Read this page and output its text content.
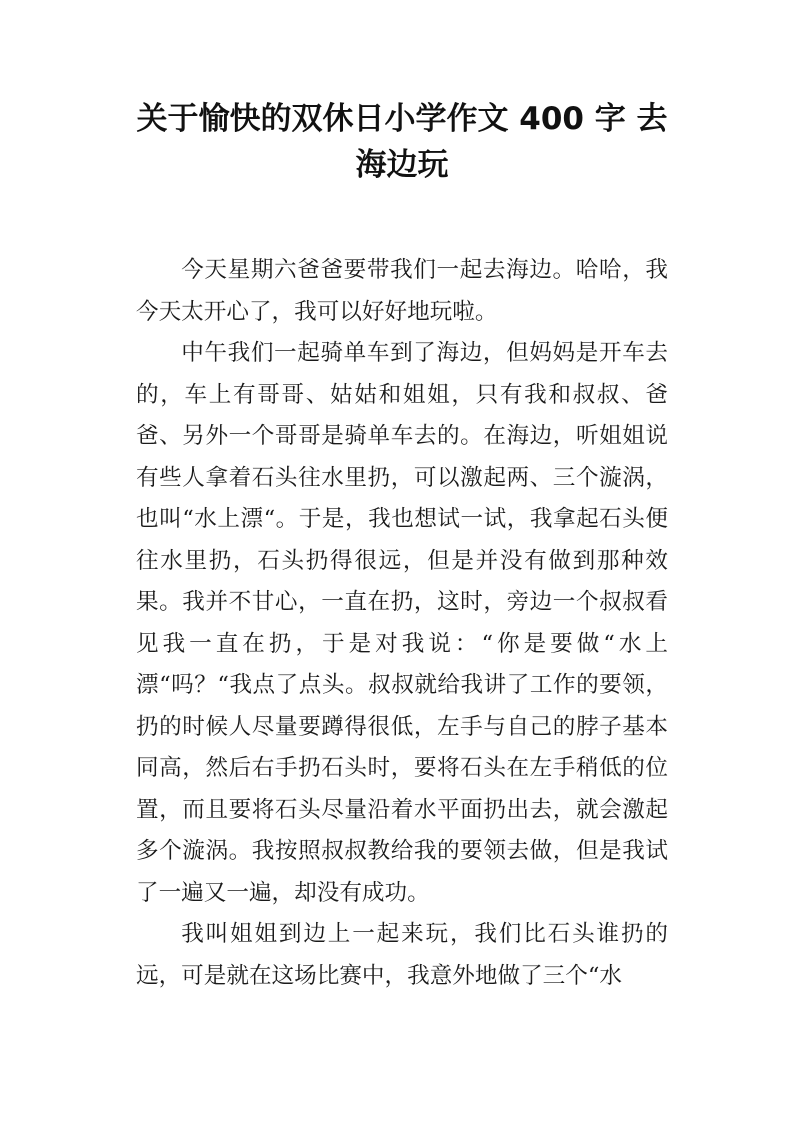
关于愉快的双休日小学作文 400 字 去
海边玩

今天星期六爸爸要带我们一起去海边。哈哈，我今天太开心了，我可以好好地玩啦。

中午我们一起骑单车到了海边，但妈妈是开车去的，车上有哥哥、姑姑和姐姐，只有我和叔叔、爸爸、另外一个哥哥是骑单车去的。在海边，听姐姐说有些人拿着石头往水里扔，可以激起两、三个漩涡，也叫“水上漂“。于是，我也想试一试，我拿起石头便往水里扔，石头扔得很远，但是并没有做到那种效果。我并不甘心，一直在扔，这时，旁边一个叔叔看见我一直在扔，于是对我说：“你是要做“水上漂“吗？“我点了点头。叔叔就给我讲了工作的要领，扔的时候人尽量要蹲得很低，左手与自己的脖子基本同高，然后右手扔石头时，要将石头在左手稍低的位置，而且要将石头尽量沿着水平面扔出去，就会激起多个漩涡。我按照叔叔教给我的要领去做，但是我试了一遍又一遍，却没有成功。

我叫姐姐到边上一起来玩，我们比石头谁扔的远，可是就在这场比赛中，我意外地做了三个“水
